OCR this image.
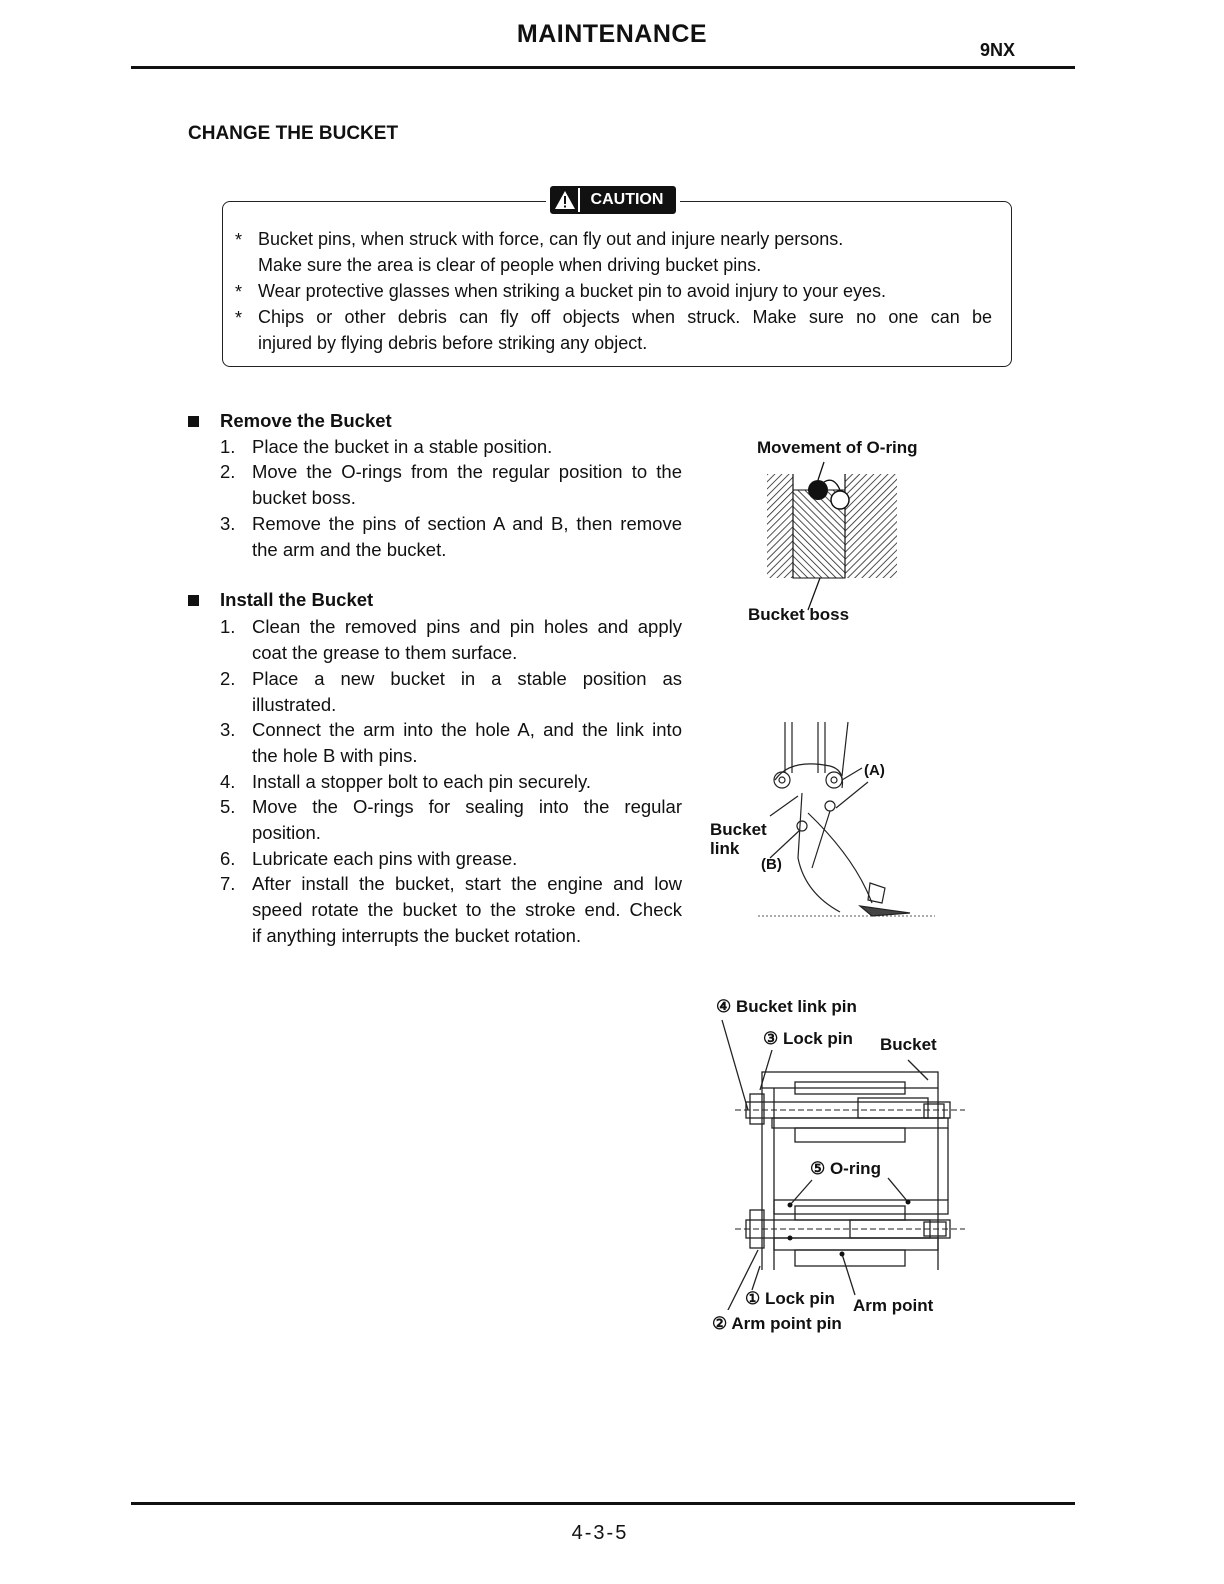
MAINTENANCE
9NX
CHANGE THE BUCKET
CAUTION
* Bucket pins, when struck with force, can fly out and injure nearly persons.
Make sure the area is clear of people when driving bucket pins.
* Wear protective glasses when striking a bucket pin to avoid injury to your eyes.
* Chips or other debris can fly off objects when struck. Make sure no one can be
injured by flying debris before striking any object.
Remove the Bucket
1. Place the bucket in a stable position.
2. Move the O-rings from the regular position to the
bucket boss.
3. Remove the pins of section A and B, then remove
the arm and the bucket.
Install the Bucket
1. Clean the removed pins and pin holes and apply
coat the grease to them surface.
2. Place a new bucket in a stable position as
illustrated.
3. Connect the arm into the hole A, and the link into
the hole B with pins.
4. Install a stopper bolt to each pin securely.
5. Move the O-rings for sealing into the regular
position.
6. Lubricate each pins with grease.
7. After install the bucket, start the engine and low
speed rotate the bucket to the stroke end. Check
if anything interrupts the bucket rotation.
Movement of O-ring
Bucket boss
(A)
Bucket
link
(B)
④ Bucket link pin
③ Lock pin Bucket
⑤ O-ring
① Lock pin Arm point
② Arm point pin
4-3-5
